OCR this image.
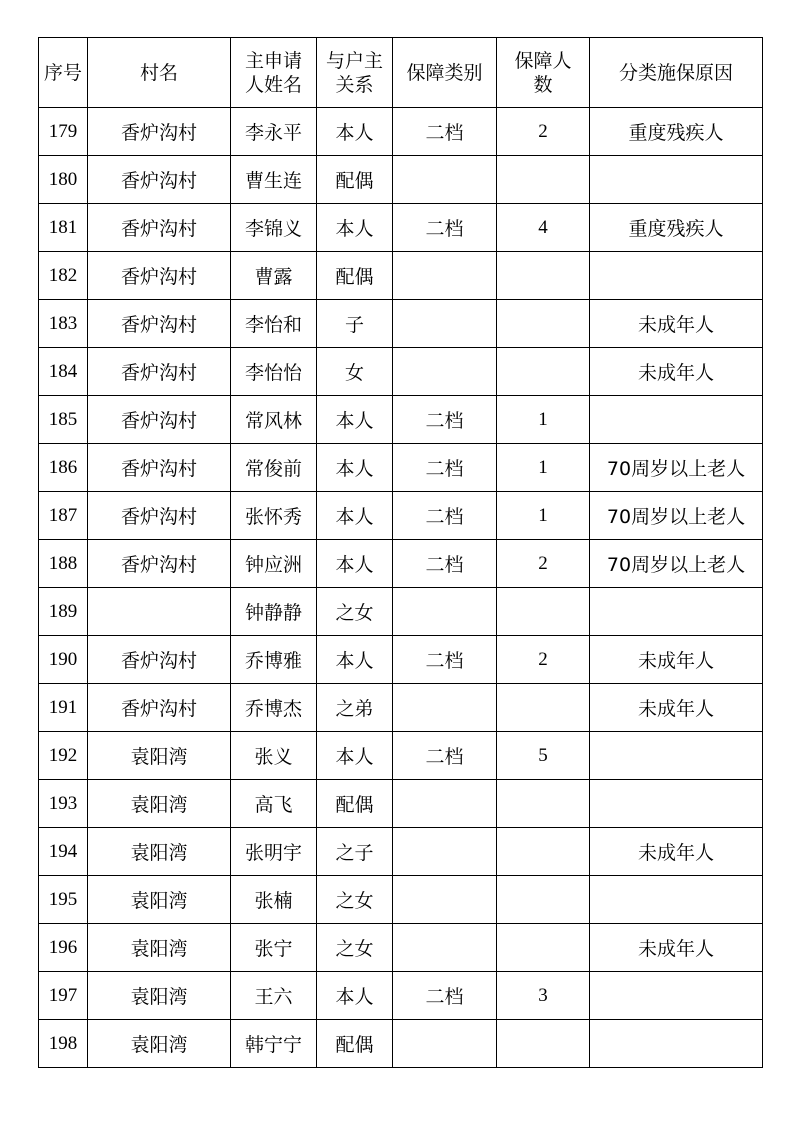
序号	村名	主申请人姓名	与户主关系	保障类别	保障人数	分类施保原因
179	香炉沟村	李永平	本人	二档	2	重度残疾人
180	香炉沟村	曹生连	配偶			
181	香炉沟村	李锦义	本人	二档	4	重度残疾人
182	香炉沟村	曹露	配偶			
183	香炉沟村	李怡和	子			未成年人
184	香炉沟村	李怡怡	女			未成年人
185	香炉沟村	常风林	本人	二档	1	
186	香炉沟村	常俊前	本人	二档	1	70周岁以上老人
187	香炉沟村	张怀秀	本人	二档	1	70周岁以上老人
188	香炉沟村	钟应洲	本人	二档	2	70周岁以上老人
189		钟静静	之女			
190	香炉沟村	乔博雅	本人	二档	2	未成年人
191	香炉沟村	乔博杰	之弟			未成年人
192	袁阳湾	张义	本人	二档	5	
193	袁阳湾	高飞	配偶			
194	袁阳湾	张明宇	之子			未成年人
195	袁阳湾	张楠	之女			
196	袁阳湾	张宁	之女			未成年人
197	袁阳湾	王六	本人	二档	3	
198	袁阳湾	韩宁宁	配偶			
